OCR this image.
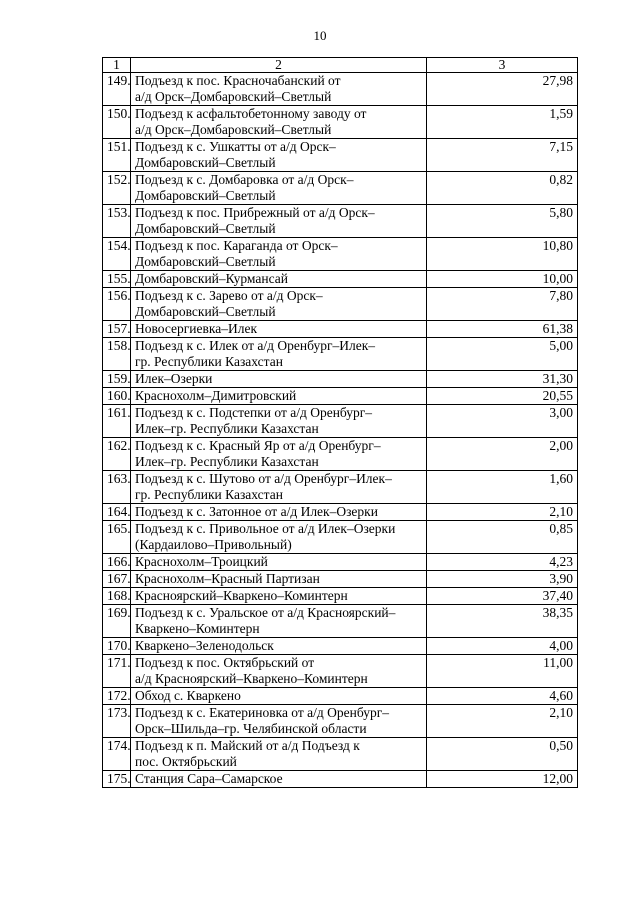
10
1	2	3
149.	Подъезд к пос. Красночабанский от
а/д Орск–Домбаровский–Светлый	27,98
150.	Подъезд к асфальтобетонному заводу от
а/д Орск–Домбаровский–Светлый	1,59
151.	Подъезд к с. Ушкатты от а/д Орск–
Домбаровский–Светлый	7,15
152.	Подъезд к с. Домбаровка от а/д Орск–
Домбаровский–Светлый	0,82
153.	Подъезд к пос. Прибрежный от а/д Орск–
Домбаровский–Светлый	5,80
154.	Подъезд к пос. Караганда от Орск–
Домбаровский–Светлый	10,80
155.	Домбаровский–Курмансай	10,00
156.	Подъезд к с. Зарево от а/д Орск–
Домбаровский–Светлый	7,80
157.	Новосергиевка–Илек	61,38
158.	Подъезд к с. Илек от а/д Оренбург–Илек–
гр. Республики Казахстан	5,00
159.	Илек–Озерки	31,30
160.	Краснохолм–Димитровский	20,55
161.	Подъезд к с. Подстепки от а/д Оренбург–
Илек–гр. Республики Казахстан	3,00
162.	Подъезд к с. Красный Яр от а/д Оренбург–
Илек–гр. Республики Казахстан	2,00
163.	Подъезд к с. Шутово от а/д Оренбург–Илек–
гр. Республики Казахстан	1,60
164.	Подъезд к с. Затонное от а/д Илек–Озерки	2,10
165.	Подъезд к с. Привольное от а/д Илек–Озерки
(Кардаилово–Привольный)	0,85
166.	Краснохолм–Троицкий	4,23
167.	Краснохолм–Красный Партизан	3,90
168.	Красноярский–Кваркено–Коминтерн	37,40
169.	Подъезд к с. Уральское от а/д Красноярский–
Кваркено–Коминтерн	38,35
170.	Кваркено–Зеленодольск	4,00
171.	Подъезд к пос. Октябрьский от
а/д Красноярский–Кваркено–Коминтерн	11,00
172.	Обход с. Кваркено	4,60
173.	Подъезд к с. Екатериновка от а/д Оренбург–
Орск–Шильда–гр. Челябинской области	2,10
174.	Подъезд к п. Майский от а/д Подъезд к
пос. Октябрьский	0,50
175.	Станция Сара–Самарское	12,00
